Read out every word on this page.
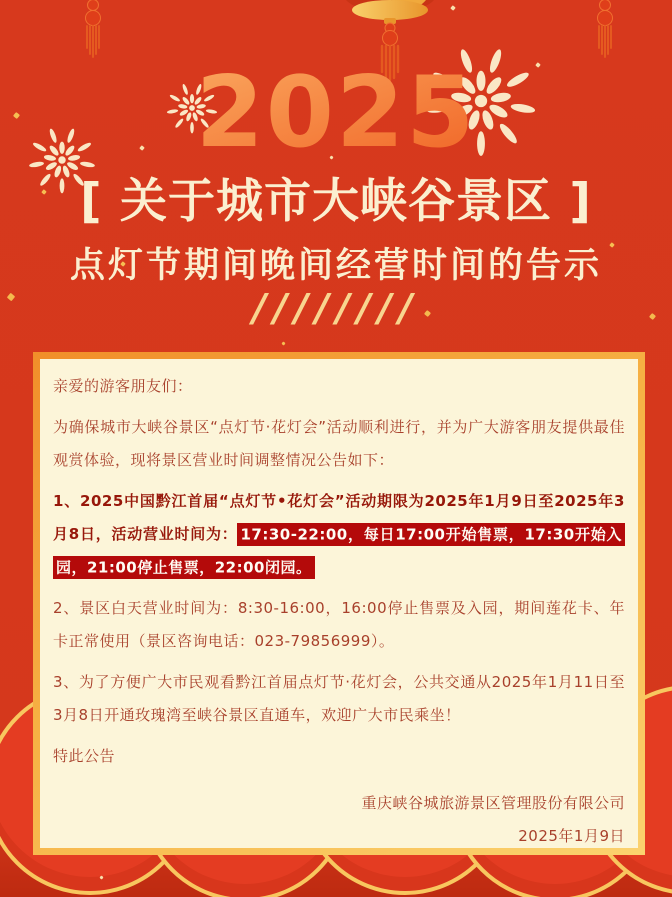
2025
[ 关于城市大峡谷景区 ]
点灯节期间晚间经营时间的告示
////////

亲爱的游客朋友们：

为确保城市大峡谷景区“点灯节·花灯会”活动顺利进行，并为广大游客朋友提供最佳观赏体验，现将景区营业时间调整情况公告如下：

1、2025中国黔江首届“点灯节•花灯会”活动期限为2025年1月9日至2025年3月8日，活动营业时间为： 17:30-22:00，每日17:00开始售票，17:30开始入园，21:00停止售票，22:00闭园。

2、景区白天营业时间为：8:30-16:00，16:00停止售票及入园，期间莲花卡、年卡正常使用（景区咨询电话：023-79856999）。

3、为了方便广大市民观看黔江首届点灯节·花灯会，公共交通从2025年1月11日至3月8日开通玫瑰湾至峡谷景区直通车，欢迎广大市民乘坐！

特此公告

重庆峡谷城旅游景区管理股份有限公司
2025年1月9日
